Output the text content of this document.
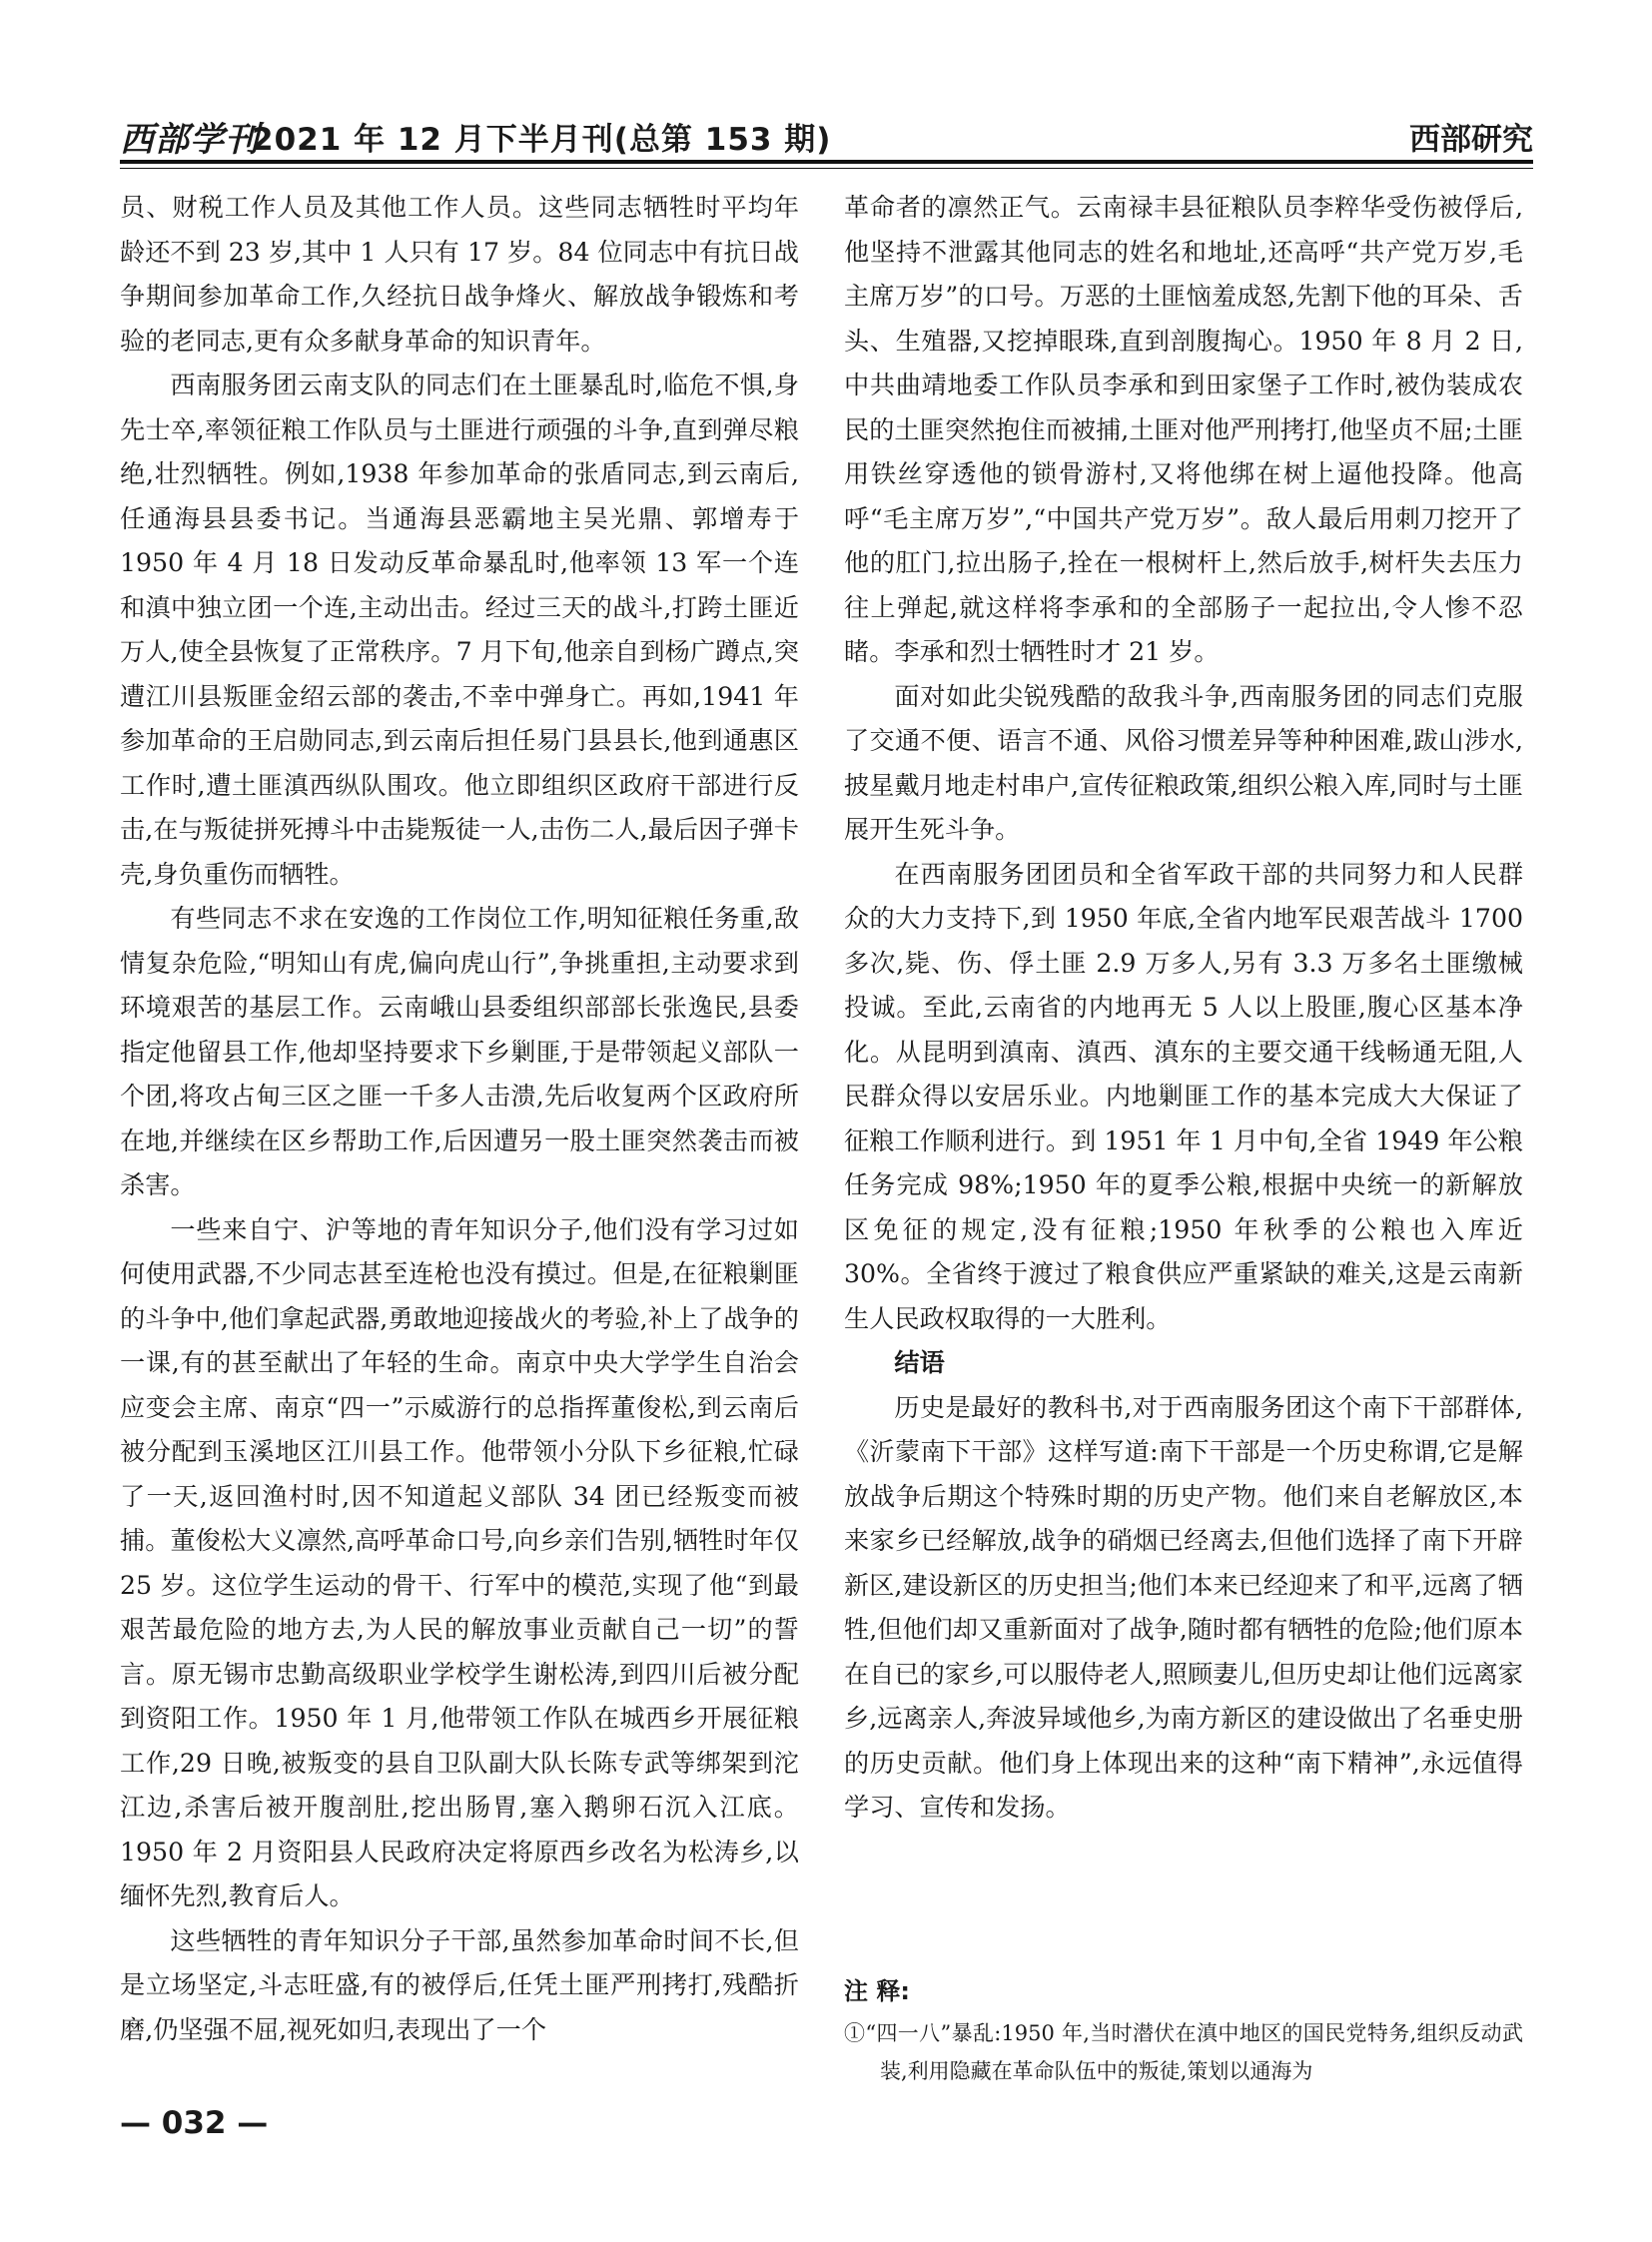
西部学刊
2021 年 12 月下半月刊(总第 153 期)	西部研究

员、财税工作人员及其他工作人员。这些同志牺牲时平均年龄还不到 23 岁,其中 1 人只有 17 岁。84 位同志中有抗日战争期间参加革命工作,久经抗日战争烽火、解放战争锻炼和考验的老同志,更有众多献身革命的知识青年。

西南服务团云南支队的同志们在土匪暴乱时,临危不惧,身先士卒,率领征粮工作队员与土匪进行顽强的斗争,直到弹尽粮绝,壮烈牺牲。例如,1938 年参加革命的张盾同志,到云南后,任通海县县委书记。当通海县恶霸地主吴光鼎、郭增寿于 1950 年 4 月 18 日发动反革命暴乱时,他率领 13 军一个连和滇中独立团一个连,主动出击。经过三天的战斗,打跨土匪近万人,使全县恢复了正常秩序。7 月下旬,他亲自到杨广蹲点,突遭江川县叛匪金绍云部的袭击,不幸中弹身亡。再如,1941 年参加革命的王启勋同志,到云南后担任易门县县长,他到通惠区工作时,遭土匪滇西纵队围攻。他立即组织区政府干部进行反击,在与叛徒拼死搏斗中击毙叛徒一人,击伤二人,最后因子弹卡壳,身负重伤而牺牲。

有些同志不求在安逸的工作岗位工作,明知征粮任务重,敌情复杂危险,“明知山有虎,偏向虎山行”,争挑重担,主动要求到环境艰苦的基层工作。云南峨山县委组织部部长张逸民,县委指定他留县工作,他却坚持要求下乡剿匪,于是带领起义部队一个团,将攻占甸三区之匪一千多人击溃,先后收复两个区政府所在地,并继续在区乡帮助工作,后因遭另一股土匪突然袭击而被杀害。

一些来自宁、沪等地的青年知识分子,他们没有学习过如何使用武器,不少同志甚至连枪也没有摸过。但是,在征粮剿匪的斗争中,他们拿起武器,勇敢地迎接战火的考验,补上了战争的一课,有的甚至献出了年轻的生命。南京中央大学学生自治会应变会主席、南京“四一”示威游行的总指挥董俊松,到云南后被分配到玉溪地区江川县工作。他带领小分队下乡征粮,忙碌了一天,返回渔村时,因不知道起义部队 34 团已经叛变而被捕。董俊松大义凛然,高呼革命口号,向乡亲们告别,牺牲时年仅 25 岁。这位学生运动的骨干、行军中的模范,实现了他“到最艰苦最危险的地方去,为人民的解放事业贡献自己一切”的誓言。原无锡市忠勤高级职业学校学生谢松涛,到四川后被分配到资阳工作。1950 年 1 月,他带领工作队在城西乡开展征粮工作,29 日晚,被叛变的县自卫队副大队长陈专武等绑架到沱江边,杀害后被开腹剖肚,挖出肠胃,塞入鹅卵石沉入江底。1950 年 2 月资阳县人民政府决定将原西乡改名为松涛乡,以缅怀先烈,教育后人。

这些牺牲的青年知识分子干部,虽然参加革命时间不长,但是立场坚定,斗志旺盛,有的被俘后,任凭土匪严刑拷打,残酷折磨,仍坚强不屈,视死如归,表现出了一个

革命者的凛然正气。云南禄丰县征粮队员李粹华受伤被俘后,他坚持不泄露其他同志的姓名和地址,还高呼“共产党万岁,毛主席万岁”的口号。万恶的土匪恼羞成怒,先割下他的耳朵、舌头、生殖器,又挖掉眼珠,直到剖腹掏心。1950 年 8 月 2 日,中共曲靖地委工作队员李承和到田家堡子工作时,被伪装成农民的土匪突然抱住而被捕,土匪对他严刑拷打,他坚贞不屈;土匪用铁丝穿透他的锁骨游村,又将他绑在树上逼他投降。他高呼“毛主席万岁”,“中国共产党万岁”。敌人最后用刺刀挖开了他的肛门,拉出肠子,拴在一根树杆上,然后放手,树杆失去压力往上弹起,就这样将李承和的全部肠子一起拉出,令人惨不忍睹。李承和烈士牺牲时才 21 岁。

面对如此尖锐残酷的敌我斗争,西南服务团的同志们克服了交通不便、语言不通、风俗习惯差异等种种困难,跋山涉水,披星戴月地走村串户,宣传征粮政策,组织公粮入库,同时与土匪展开生死斗争。

在西南服务团团员和全省军政干部的共同努力和人民群众的大力支持下,到 1950 年底,全省内地军民艰苦战斗 1700 多次,毙、伤、俘土匪 2.9 万多人,另有 3.3 万多名土匪缴械投诚。至此,云南省的内地再无 5 人以上股匪,腹心区基本净化。从昆明到滇南、滇西、滇东的主要交通干线畅通无阻,人民群众得以安居乐业。内地剿匪工作的基本完成大大保证了征粮工作顺利进行。到 1951 年 1 月中旬,全省 1949 年公粮任务完成 98%;1950 年的夏季公粮,根据中央统一的新解放区免征的规定,没有征粮;1950 年秋季的公粮也入库近 30%。全省终于渡过了粮食供应严重紧缺的难关,这是云南新生人民政权取得的一大胜利。

结语

历史是最好的教科书,对于西南服务团这个南下干部群体,《沂蒙南下干部》这样写道:南下干部是一个历史称谓,它是解放战争后期这个特殊时期的历史产物。他们来自老解放区,本来家乡已经解放,战争的硝烟已经离去,但他们选择了南下开辟新区,建设新区的历史担当;他们本来已经迎来了和平,远离了牺牲,但他们却又重新面对了战争,随时都有牺牲的危险;他们原本在自已的家乡,可以服侍老人,照顾妻儿,但历史却让他们远离家乡,远离亲人,奔波异域他乡,为南方新区的建设做出了名垂史册的历史贡献。他们身上体现出来的这种“南下精神”,永远值得学习、宣传和发扬。

注 释:

①“四一八”暴乱:1950 年,当时潜伏在滇中地区的国民党特务,组织反动武装,利用隐藏在革命队伍中的叛徒,策划以通海为

— 032 —
